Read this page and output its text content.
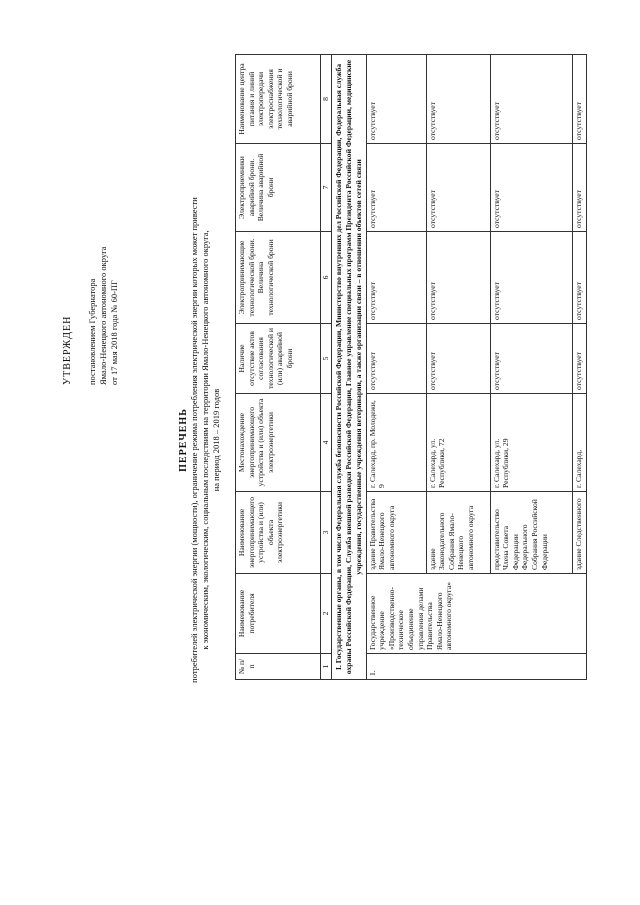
УТВЕРЖДЕН постановлением Губернатора Ямало-Ненецкого автономного округа от 17 мая 2018 года № 60-ПГ
ПЕРЕЧЕНЬ потребителей электрической энергии (мощности), ограничение режима потребления электрической энергии которых может привести к экономическим, экологическим, социальным последствиям на территории Ямало-Ненецкого автономного округа, на период 2018 – 2019 годов
№ п/п	Наименование потребителя	Наименование энергопринимающего устройства и (или) объекта электроэнергетики	Местонахождение энергопринимающего устройства и (или) объекта электроэнергетики	Наличие отсутствие актов согласования технологической и (или) аварийной брони	Электропринимающие технологической брони. Величина технологической брони	Электроприемники аварийной брони. Величина аварийной брони	Наименование центра питания и линий электропередачи электроснабжения технологической и аварийной брони
1	2	3	4	5	6	7	8
I. Государственные органы, в том числе Федеральная служба безопасности Российской Федерации, Министерство внутренних дел Российской Федерации, Федеральная служба охраны Российской Федерации, Служба внешней разведки Российской Федерации, Главное управление специальных программ Президента Российской Федерации, медицинские учреждения, государственные учреждения ветеринарии, а также организации связи – в отношении объектов сетей связи							
1.	Государственное учреждение «Производственно-техническое объединение управления делами Правительства Ямало-Ненецкого автономного округа»	здание Правительства Ямало-Ненецкого автономного округа	г. Салехард, пр. Молодежи, 9	отсутствует	отсутствует	отсутствует	отсутствует
		здание Законодательного Собрания Ямало-Ненецкого автономного округа	г. Салехард, ул. Республики, 72	отсутствует	отсутствует	отсутствует	отсутствует
		представительство Члена Совета Федерации Федерального Собрания Российской Федерации	г. Салехард, ул. Республики, 29	отсутствует	отсутствует	отсутствует	отсутствует
		здание Следственного	г. Салехард,	отсутствует	отсутствует	отсутствует	отсутствует
